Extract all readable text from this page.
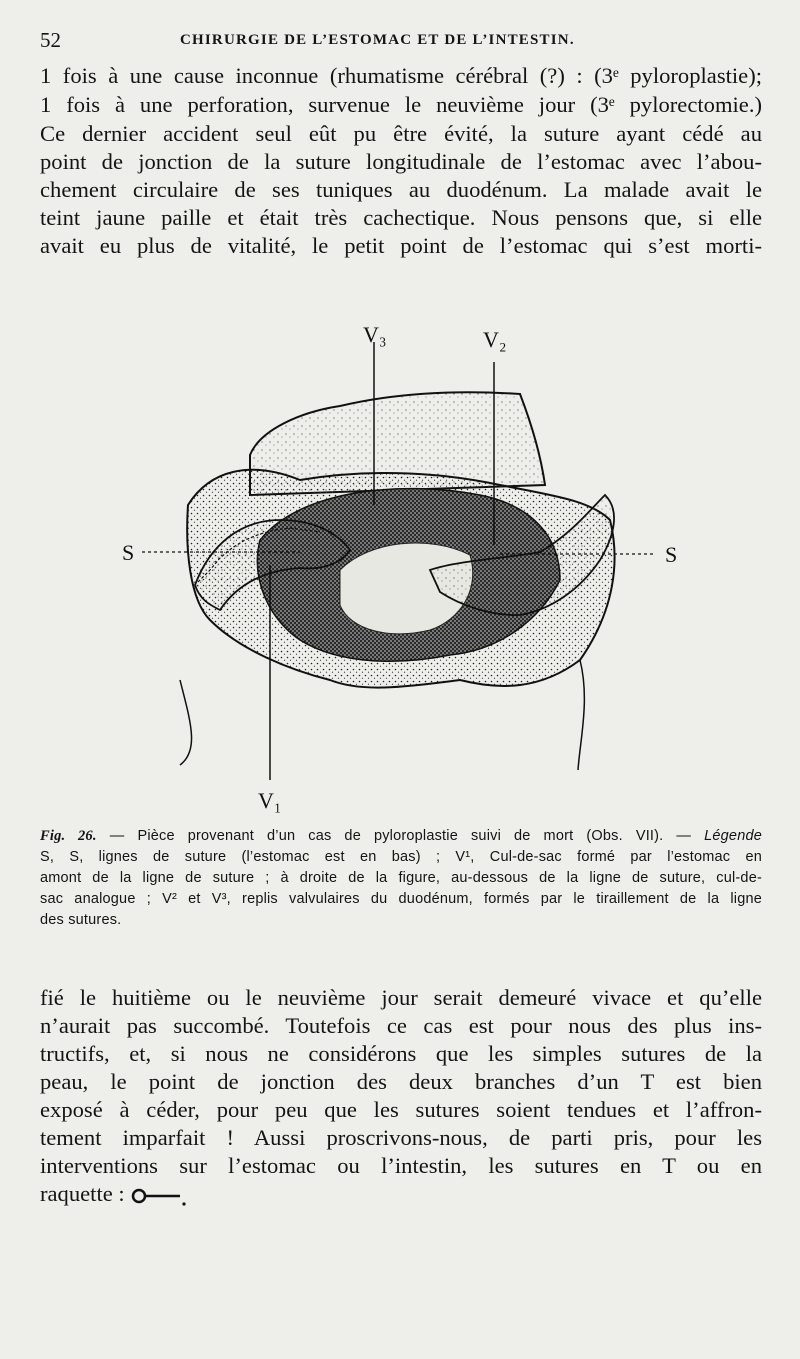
52	CHIRURGIE DE L’ESTOMAC ET DE L’INTESTIN.
1 fois à une cause inconnue (rhumatisme cérébral (?) : (3ᵉ pyloroplastie);
1 fois à une perforation, survenue le neuvième jour (3ᵉ pylorectomie.)
Ce dernier accident seul eût pu être évité, la suture ayant cédé au
point de jonction de la suture longitudinale de l’estomac avec l’abou-
chement circulaire de ses tuniques au duodénum. La malade avait le
teint jaune paille et était très cachectique. Nous pensons que, si elle
avait eu plus de vitalité, le petit point de l’estomac qui s’est morti-
V₃	V₂
V₁
S	S
Fig. 26. — Pièce provenant d’un cas de pyloroplastie suivi de mort (Obs. VII). — Légende
S, S, lignes de suture (l’estomac est en bas) ; V¹, Cul-de-sac formé par l’estomac en
amont de la ligne de suture ; à droite de la figure, au-dessous de la ligne de suture, cul-de-
sac analogue ; V² et V³, replis valvulaires du duodénum, formés par le tiraillement de la ligne
des sutures.
fié le huitième ou le neuvième jour serait demeuré vivace et qu’elle
n’aurait pas succombé. Toutefois ce cas est pour nous des plus ins-
tructifs, et, si nous ne considérons que les simples sutures de la
peau, le point de jonction des deux branches d’un T est bien
exposé à céder, pour peu que les sutures soient tendues et l’affron-
tement imparfait ! Aussi proscrivons-nous, de parti pris, pour les
interventions sur l’estomac ou l’intestin, les sutures en T ou en
raquette :
